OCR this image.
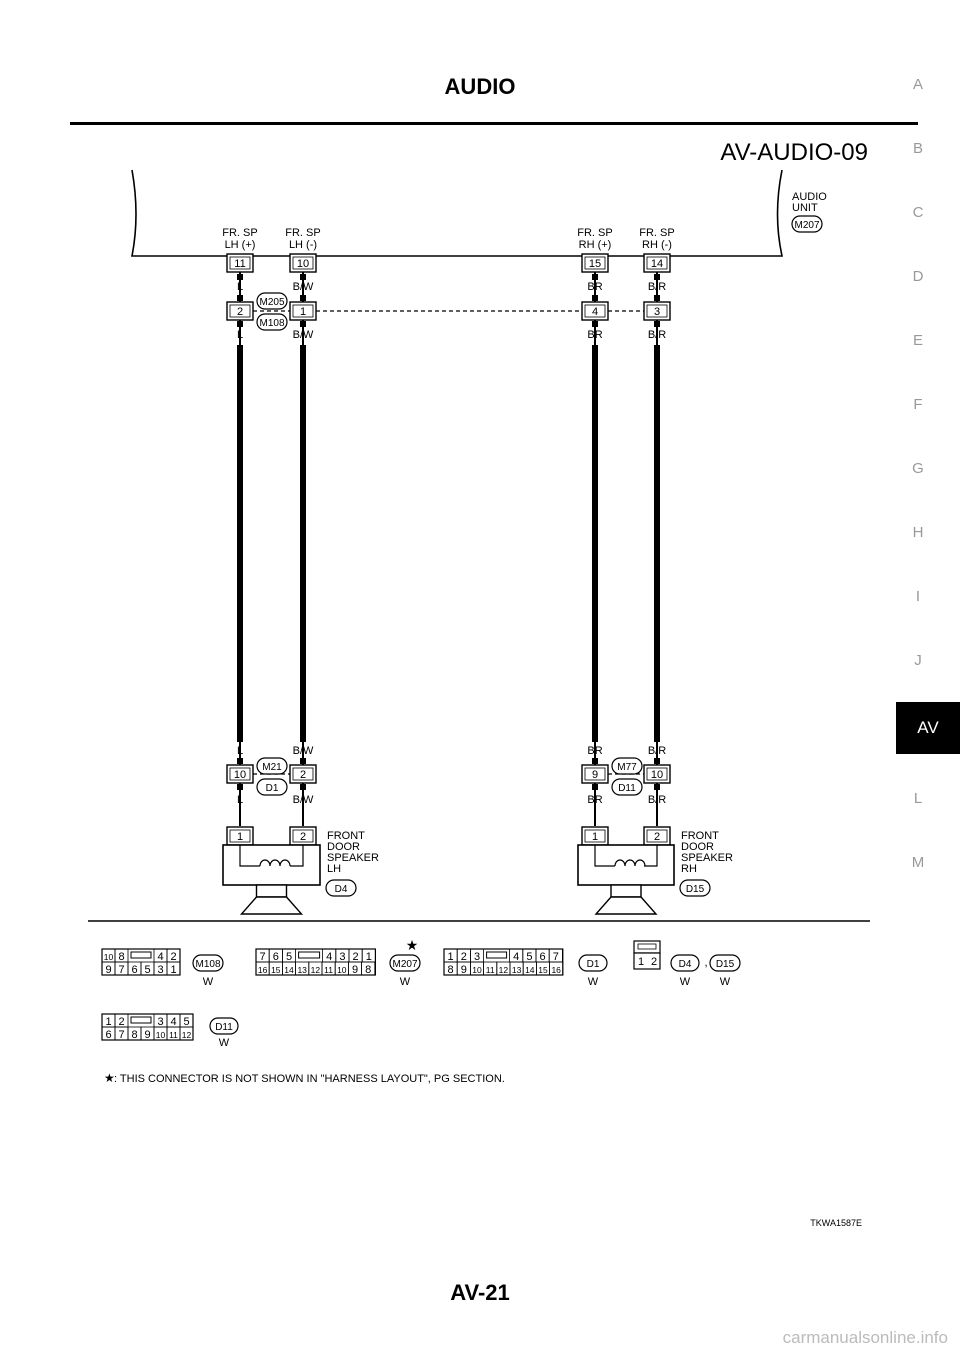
AUDIO	A
B
C
D
E
F
G
H
I
J
AV
L
M
AV-AUDIO-09
AUDIO
UNIT
M207
FR. SP
LH (+)
FR. SP
LH (-)
FR. SP
RH (+)
FR. SP
RH (-)
11	10	15	14
L
L
L
L
B/W
B/W
B/W
B/W
BR
BR
BR
BR
B/R
B/R
B/R
B/R
2	1	4	3
M205
M108
10	2	9	10
M21
D1
M77
D11
1	2 FRONT
DOOR
SPEAKER
LH
D4
1	2 FRONT
DOOR
SPEAKER
RH
D15
10 8	4 2
9 7 6 5 3 1 M108
W
7 6 5	4 3 2 1
16 15 14 13 12 11 10 9 8 M207
W
★
1 2 3	4 5 6 7
8 9 10 11 12 13 14 15 16	D1
W
1 2 D4
W
, D15
W
1 2	3 4 5
6 7 8 9 10 11 12
D11
W
★ : THIS CONNECTOR IS NOT SHOWN IN "HARNESS LAYOUT", PG SECTION.
TKWA1587E
AV-21
carmanualsonline.info
